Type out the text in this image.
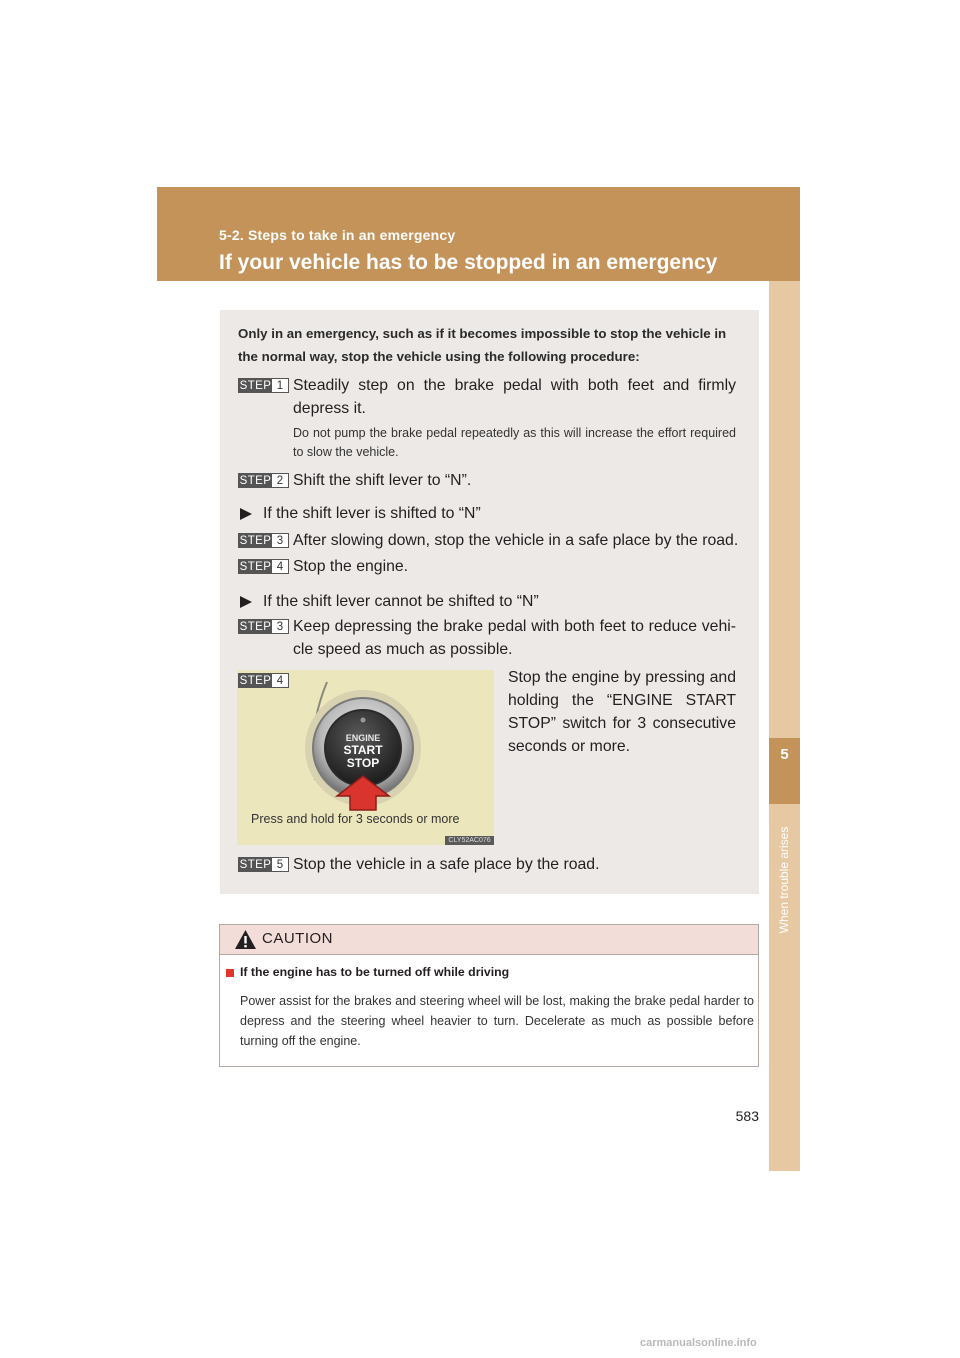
5-2. Steps to take in an emergency

If your vehicle has to be stopped in an emergency
5
When trouble arises

Only in an emergency, such as if it becomes impossible to stop the vehicle in the normal way, stop the vehicle using the following procedure:

STEP 1 Steadily step on the brake pedal with both feet and firmly depress it.

Do not pump the brake pedal repeatedly as this will increase the effort required to slow the vehicle.

STEP 2 Shift the shift lever to “N”.

If the shift lever is shifted to “N”

STEP 3 After slowing down, stop the vehicle in a safe place by the road.

STEP 4 Stop the engine.

If the shift lever cannot be shifted to “N”

STEP 3 Keep depressing the brake pedal with both feet to reduce vehi-cle speed as much as possible.

STEP 4
ENGINE
START
STOP

Press and hold for 3 seconds or more

CLY52AC076

Stop the engine by pressing and holding the “ENGINE START STOP” switch for 3 consecutive seconds or more.

STEP 5 Stop the vehicle in a safe place by the road.

CAUTION

If the engine has to be turned off while driving

Power assist for the brakes and steering wheel will be lost, making the brake pedal harder to depress and the steering wheel heavier to turn. Decelerate as much as possible before turning off the engine.

583

carmanualsonline.info
